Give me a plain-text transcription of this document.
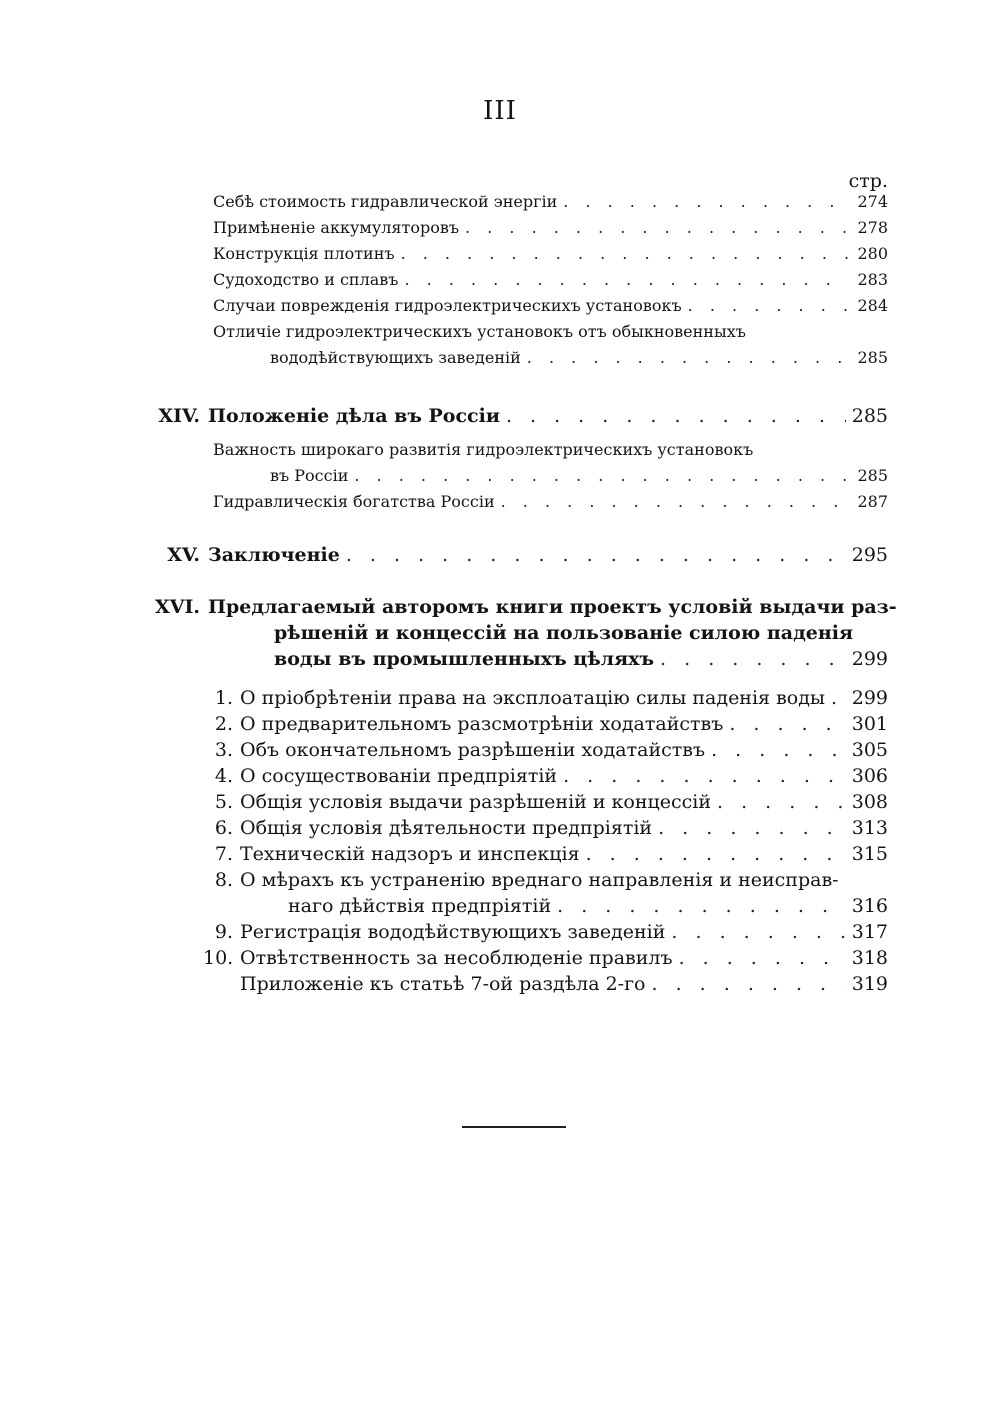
III
стр.
Себѣ стоимость гидравлической энергіи . . .	274
Примѣненіе аккумуляторовъ . . .	278
Конструкція плотинъ . . .	280
Судоходство и сплавъ . . .	283
Случаи поврежденія гидроэлектрическихъ установокъ . . .	284
Отличіе гидроэлектрическихъ установокъ отъ обыкновенныхъ
вододѣйствующихъ заведеній . . .	285
XIV. Положеніе дѣла въ Россіи . . .	285
Важность широкаго развитія гидроэлектрическихъ установокъ
въ Россіи . . .	285
Гидравлическія богатства Россіи . . .	287
XV. Заключеніе . . .	295
XVI. Предлагаемый авторомъ книги проектъ условій выдачи раз-
рѣшеній и концессій на пользованіе силою паденія
воды въ промышленныхъ цѣляхъ . . .	299
1. О пріобрѣтеніи права на эксплоатацію силы паденія воды . . . 299
2. О предварительномъ разсмотрѣніи ходатайствъ . . .	301
3. Объ окончательномъ разрѣшеніи ходатайствъ . . .	305
4. О сосуществованіи предпріятій . . .	306
5. Общія условія выдачи разрѣшеній и концессій . . .	308
6. Общія условія дѣятельности предпріятій . . .	313
7. Техническій надзоръ и инспекція . . .	315
8. О мѣрахъ къ устраненію вреднаго направленія и неисправ-
наго дѣйствія предпріятій . . .	316
9. Регистрація вододѣйствующихъ заведеній . . .	317
10. Отвѣтственность за несоблюденіе правилъ . . .	318
Приложеніе къ статьѣ 7-ой раздѣла 2-го . . .	319
